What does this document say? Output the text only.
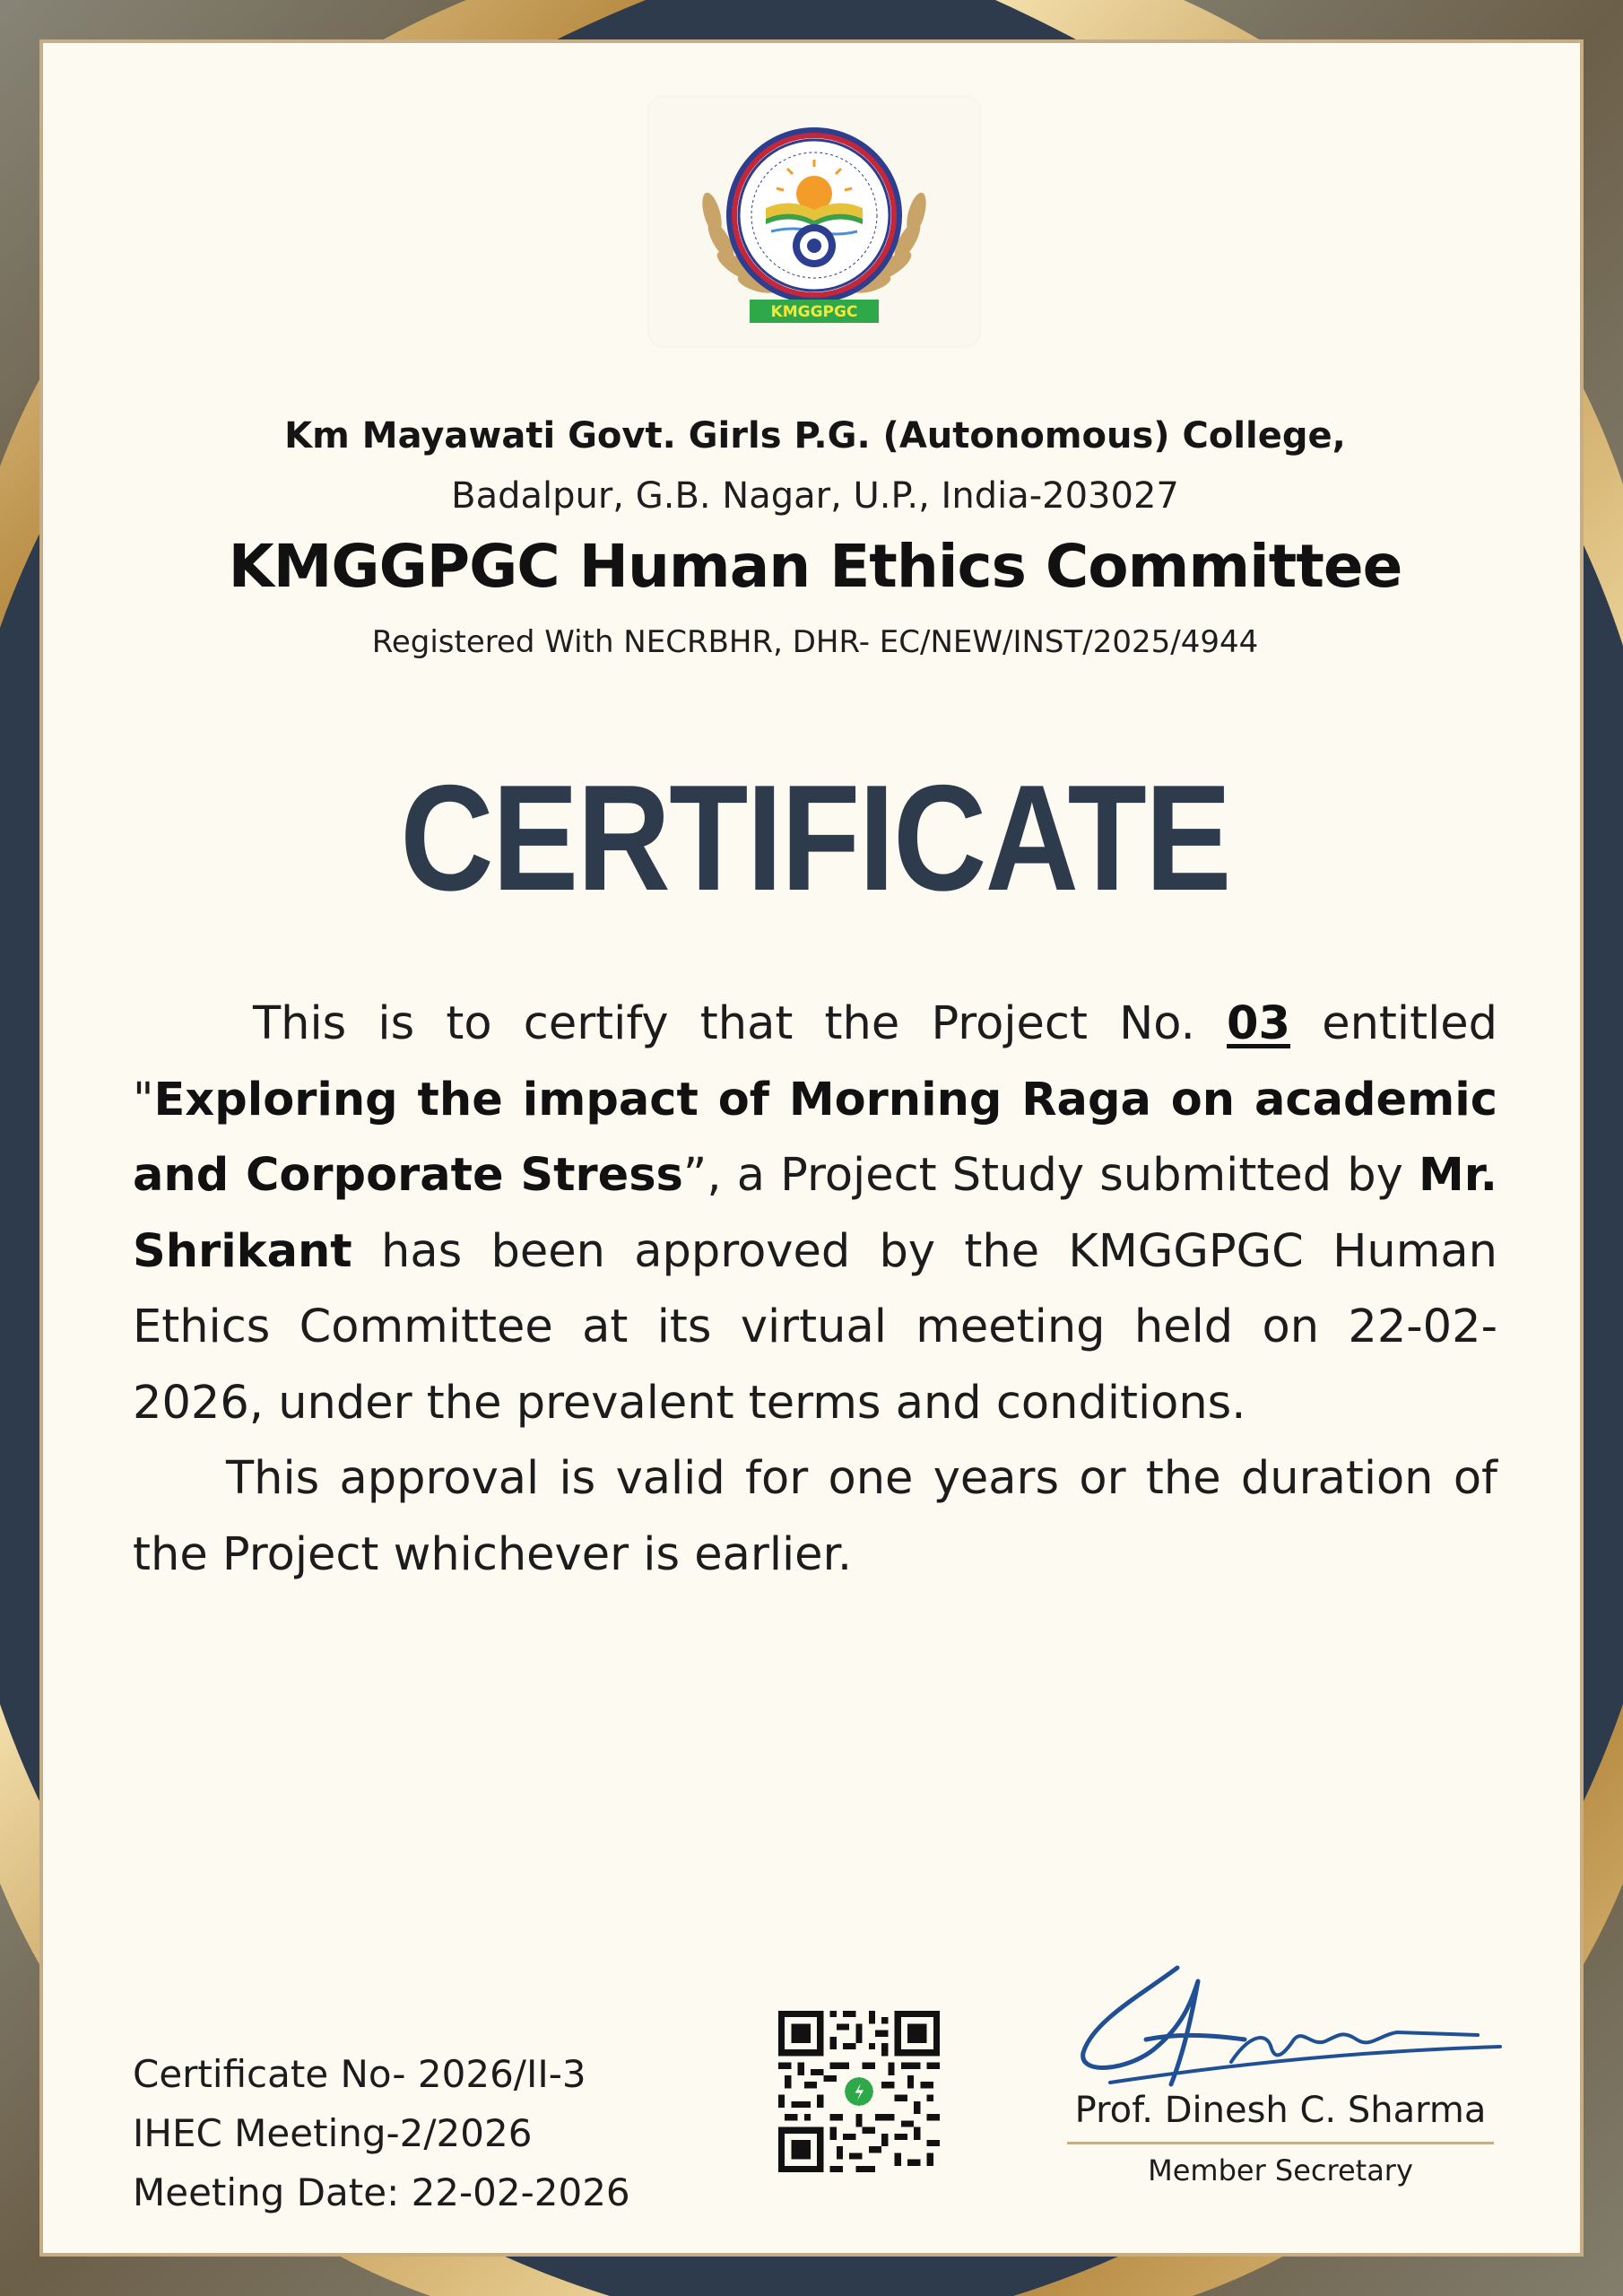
KMGGPGC
Km Mayawati Govt. Girls P.G. (Autonomous) College,
Badalpur, G.B. Nagar, U.P., India-203027
KMGGPGC Human Ethics Committee
Registered With NECRBHR, DHR- EC/NEW/INST/2025/4944
CERTIFICATE

This is to certify that the Project No. 03 entitled "Exploring the impact of Morning Raga on academic and Corporate Stress”, a Project Study submitted by Mr. Shrikant has been approved by the KMGGPGC Human Ethics Committee at its virtual meeting held on 22-02-2026, under the prevalent terms and conditions.

This approval is valid for one years or the duration of the Project whichever is earlier.

Certificate No- 2026/II-3
IHEC Meeting-2/2026
Meeting Date: 22-02-2026
Prof. Dinesh C. Sharma
Member Secretary
